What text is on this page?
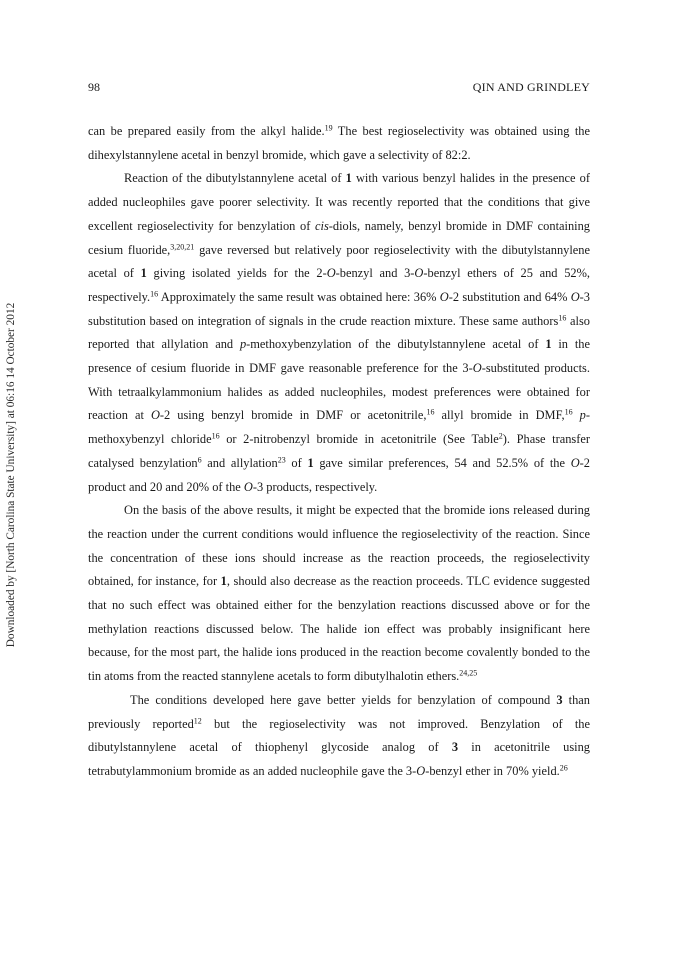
98	QIN AND GRINDLEY
Downloaded by [North Carolina State University] at 06:16 14 October 2012

can be prepared easily from the alkyl halide.$^{19}$ The best regioselectivity was obtained using the dihexylstannylene acetal in benzyl bromide, which gave a selectivity of 82:2.

Reaction of the dibutylstannylene acetal of 1 with various benzyl halides in the presence of added nucleophiles gave poorer selectivity. It was recently reported that the conditions that give excellent regioselectivity for benzylation of cis-diols, namely, benzyl bromide in DMF containing cesium fluoride,$^{3,20,21}$ gave reversed but relatively poor regioselectivity with the dibutylstannylene acetal of 1 giving isolated yields for the 2-O-benzyl and 3-O-benzyl ethers of 25 and 52%, respectively.$^{16}$ Approximately the same result was obtained here: 36% O-2 substitution and 64% O-3 substitution based on integration of signals in the crude reaction mixture. These same authors$^{16}$ also reported that allylation and p-methoxybenzylation of the dibutylstannylene acetal of 1 in the presence of cesium fluoride in DMF gave reasonable preference for the 3-O-substituted products. With tetraalkylammonium halides as added nucleophiles, modest preferences were obtained for reaction at O-2 using benzyl bromide in DMF or acetonitrile,$^{16}$ allyl bromide in DMF,$^{16}$ p-methoxybenzyl chloride$^{16}$ or 2-nitrobenzyl bromide in acetonitrile (See Table$^2$). Phase transfer catalysed benzylation$^6$ and allylation$^{23}$ of 1 gave similar preferences, 54 and 52.5% of the O-2 product and 20 and 20% of the O-3 products, respectively.

On the basis of the above results, it might be expected that the bromide ions released during the reaction under the current conditions would influence the regioselectivity of the reaction. Since the concentration of these ions should increase as the reaction proceeds, the regioselectivity obtained, for instance, for 1, should also decrease as the reaction proceeds. TLC evidence suggested that no such effect was obtained either for the benzylation reactions discussed above or for the methylation reactions discussed below. The halide ion effect was probably insignificant here because, for the most part, the halide ions produced in the reaction become covalently bonded to the tin atoms from the reacted stannylene acetals to form dibutylhalotin ethers.$^{24,25}$

The conditions developed here gave better yields for benzylation of compound 3 than previously reported$^{12}$ but the regioselectivity was not improved. Benzylation of the dibutylstannylene acetal of thiophenyl glycoside analog of 3 in acetonitrile using tetrabutylammonium bromide as an added nucleophile gave the 3-O-benzyl ether in 70% yield.$^{26}$
